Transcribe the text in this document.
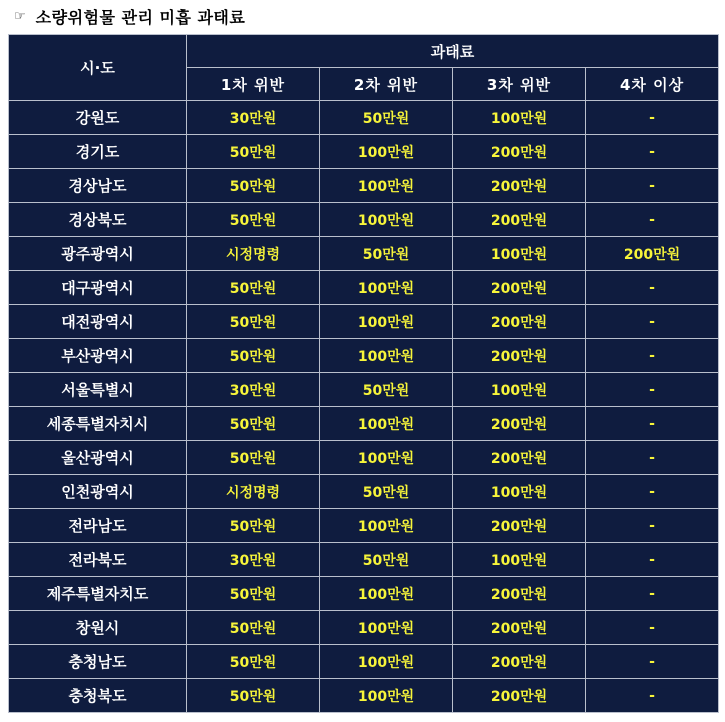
☞ 소량위험물 관리 미흡 과태료
시·도	과태료			
	1차 위반	2차 위반	3차 위반	4차 이상
강원도	30만원	50만원	100만원	-
경기도	50만원	100만원	200만원	-
경상남도	50만원	100만원	200만원	-
경상북도	50만원	100만원	200만원	-
광주광역시	시정명령	50만원	100만원	200만원
대구광역시	50만원	100만원	200만원	-
대전광역시	50만원	100만원	200만원	-
부산광역시	50만원	100만원	200만원	-
서울특별시	30만원	50만원	100만원	-
세종특별자치시	50만원	100만원	200만원	-
울산광역시	50만원	100만원	200만원	-
인천광역시	시정명령	50만원	100만원	-
전라남도	50만원	100만원	200만원	-
전라북도	30만원	50만원	100만원	-
제주특별자치도	50만원	100만원	200만원	-
창원시	50만원	100만원	200만원	-
충청남도	50만원	100만원	200만원	-
충청북도	50만원	100만원	200만원	-
